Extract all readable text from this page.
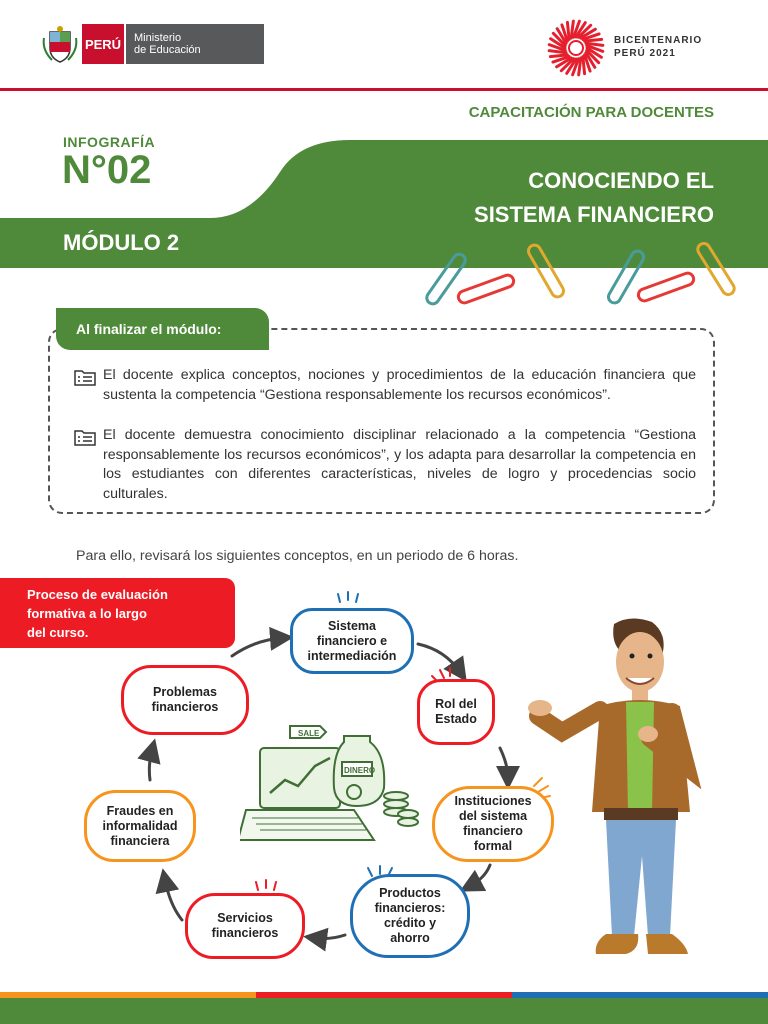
PERÚ Ministerio
de Educación
BICENTENARIO
PERÚ 2021
CAPACITACIÓN PARA DOCENTES
INFOGRAFÍA
N°02
MÓDULO 2
CONOCIENDO EL
SISTEMA FINANCIERO
Al finalizar el módulo:
El docente explica conceptos, nociones y procedimientos de la educación financiera que sustenta la competencia “Gestiona responsablemente los recursos económicos”.
El docente demuestra conocimiento disciplinar relacionado a la competencia “Gestiona responsablemente los recursos económicos”, y los adapta para desarrollar la competencia en los estudiantes con diferentes características, niveles de logro y procedencias socio culturales.
Para ello, revisará los siguientes conceptos, en un periodo de 6 horas.
Proceso de evaluación
formativa a lo largo
del curso.	Sistema
financiero e
intermediación
Rol del
Estado
Instituciones
del sistema
financiero
formal
Productos
financieros:
crédito y
ahorro
Servicios
financieros
Fraudes en
informalidad
financiera
Problemas
financieros
SALE
DINERO
